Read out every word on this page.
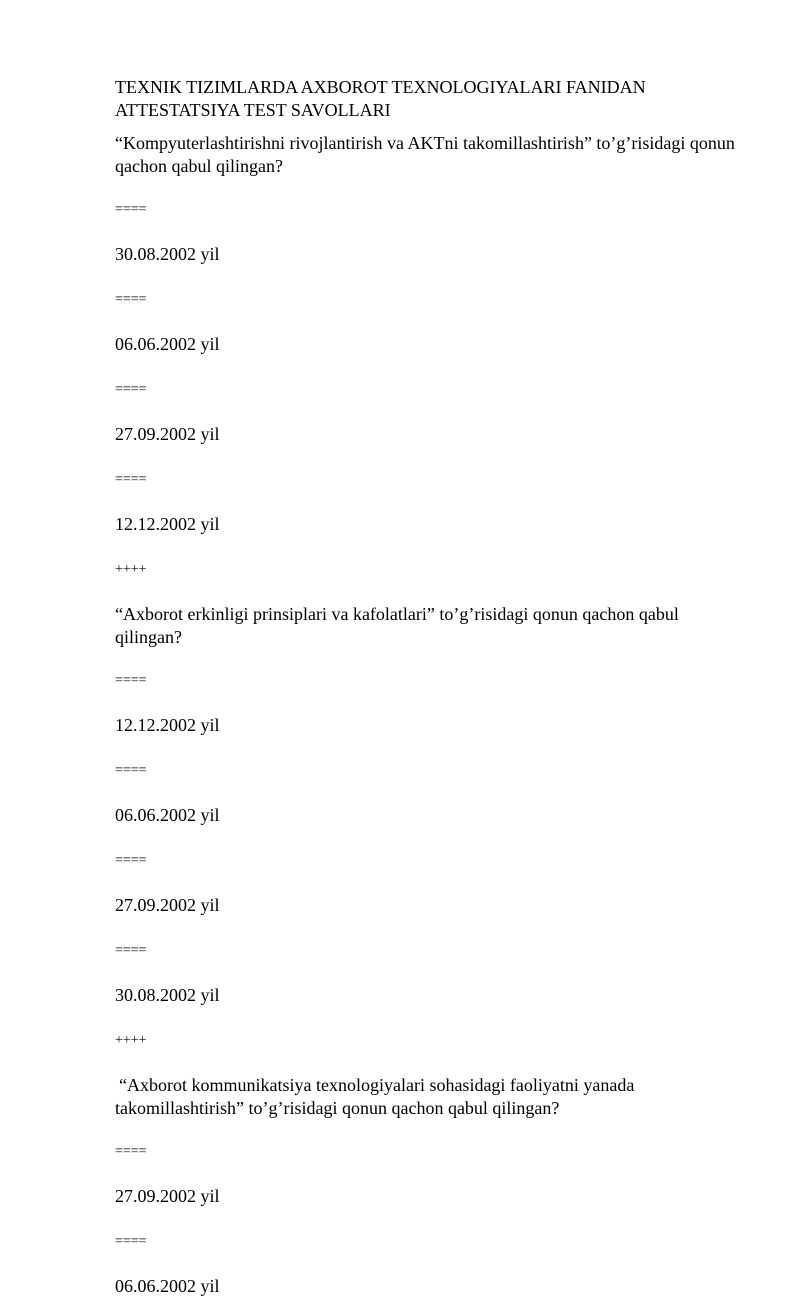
TEXNIK TIZIMLARDA AXBOROT TEXNOLOGIYALARI FANIDAN ATTESTATSIYA TEST SAVOLLARI

“Kompyuterlashtirishni rivojlantirish va AKTni takomillashtirish” to’g’risidagi qonun qachon qabul qilingan?

====

30.08.2002 yil

====

06.06.2002 yil

====

27.09.2002 yil

====

12.12.2002 yil

++++

“Axborot erkinligi prinsiplari va kafolatlari” to’g’risidagi qonun qachon qabul qilingan?

====

12.12.2002 yil

====

06.06.2002 yil

====

27.09.2002 yil

====

30.08.2002 yil

++++

“Axborot kommunikatsiya texnologiyalari sohasidagi faoliyatni yanada takomillashtirish” to’g’risidagi qonun qachon qabul qilingan?

====

27.09.2002 yil

====

06.06.2002 yil
